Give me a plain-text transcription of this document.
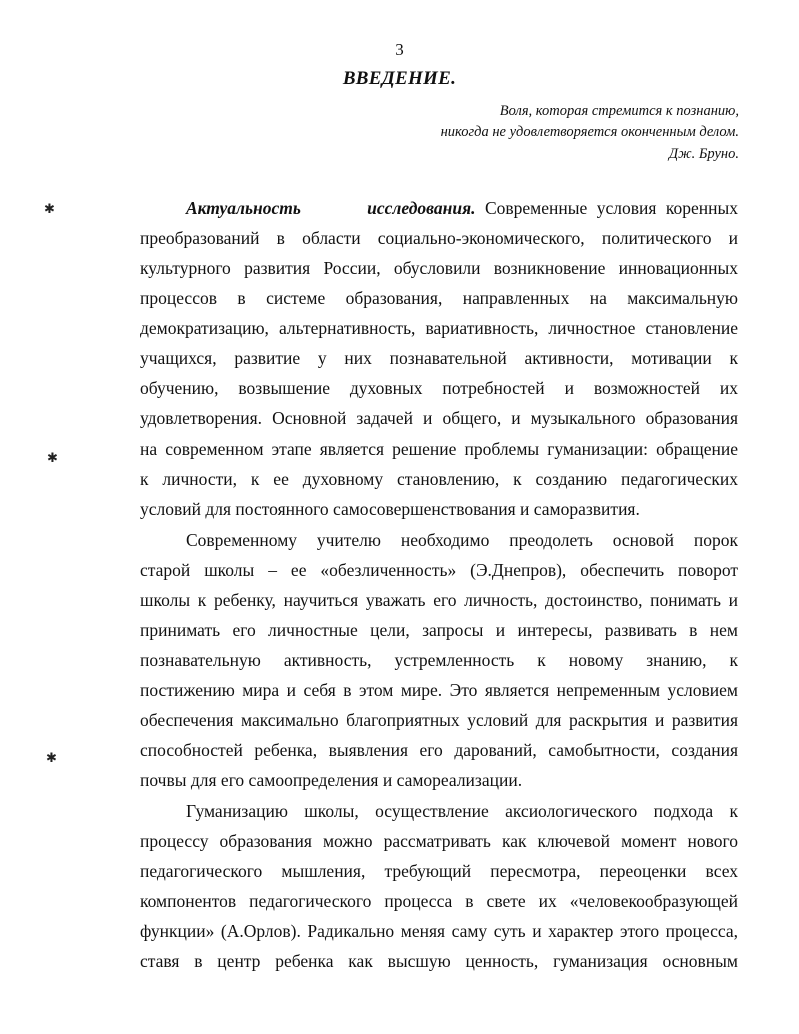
3
ВВЕДЕНИЕ.
Воля, которая стремится к познанию,
никогда не удовлетворяется оконченным делом.
Дж. Бруно.
✱
✱
✱
Актуальность	исследования. Современные условия коренных
преобразований в области социально-экономического, политического и
культурного развития России, обусловили возникновение инновационных
процессов в системе образования, направленных на максимальную
демократизацию, альтернативность, вариативность, личностное становление
учащихся, развитие у них познавательной активности, мотивации к
обучению, возвышение духовных потребностей и возможностей их
удовлетворения. Основной задачей и общего, и музыкального образования
на современном этапе является решение проблемы гуманизации: обращение
к личности, к ее духовному становлению, к созданию педагогических
условий для постоянного самосовершенствования и саморазвития.
Современному учителю необходимо преодолеть основой порок
старой школы – ее «обезличенность» (Э.Днепров), обеспечить поворот
школы к ребенку, научиться уважать его личность, достоинство, понимать и
принимать его личностные цели, запросы и интересы, развивать в нем
познавательную активность, устремленность к новому знанию, к
постижению мира и себя в этом мире. Это является непременным условием
обеспечения максимально благоприятных условий для раскрытия и развития
способностей ребенка, выявления его дарований, самобытности, создания
почвы для его самоопределения и самореализации.
Гуманизацию школы, осуществление аксиологического подхода к
процессу образования можно рассматривать как ключевой момент нового
педагогического мышления, требующий пересмотра, переоценки всех
компонентов педагогического процесса в свете их «человекообразующей
функции» (А.Орлов). Радикально меняя саму суть и характер этого процесса,
ставя в центр ребенка как высшую ценность, гуманизация основным
